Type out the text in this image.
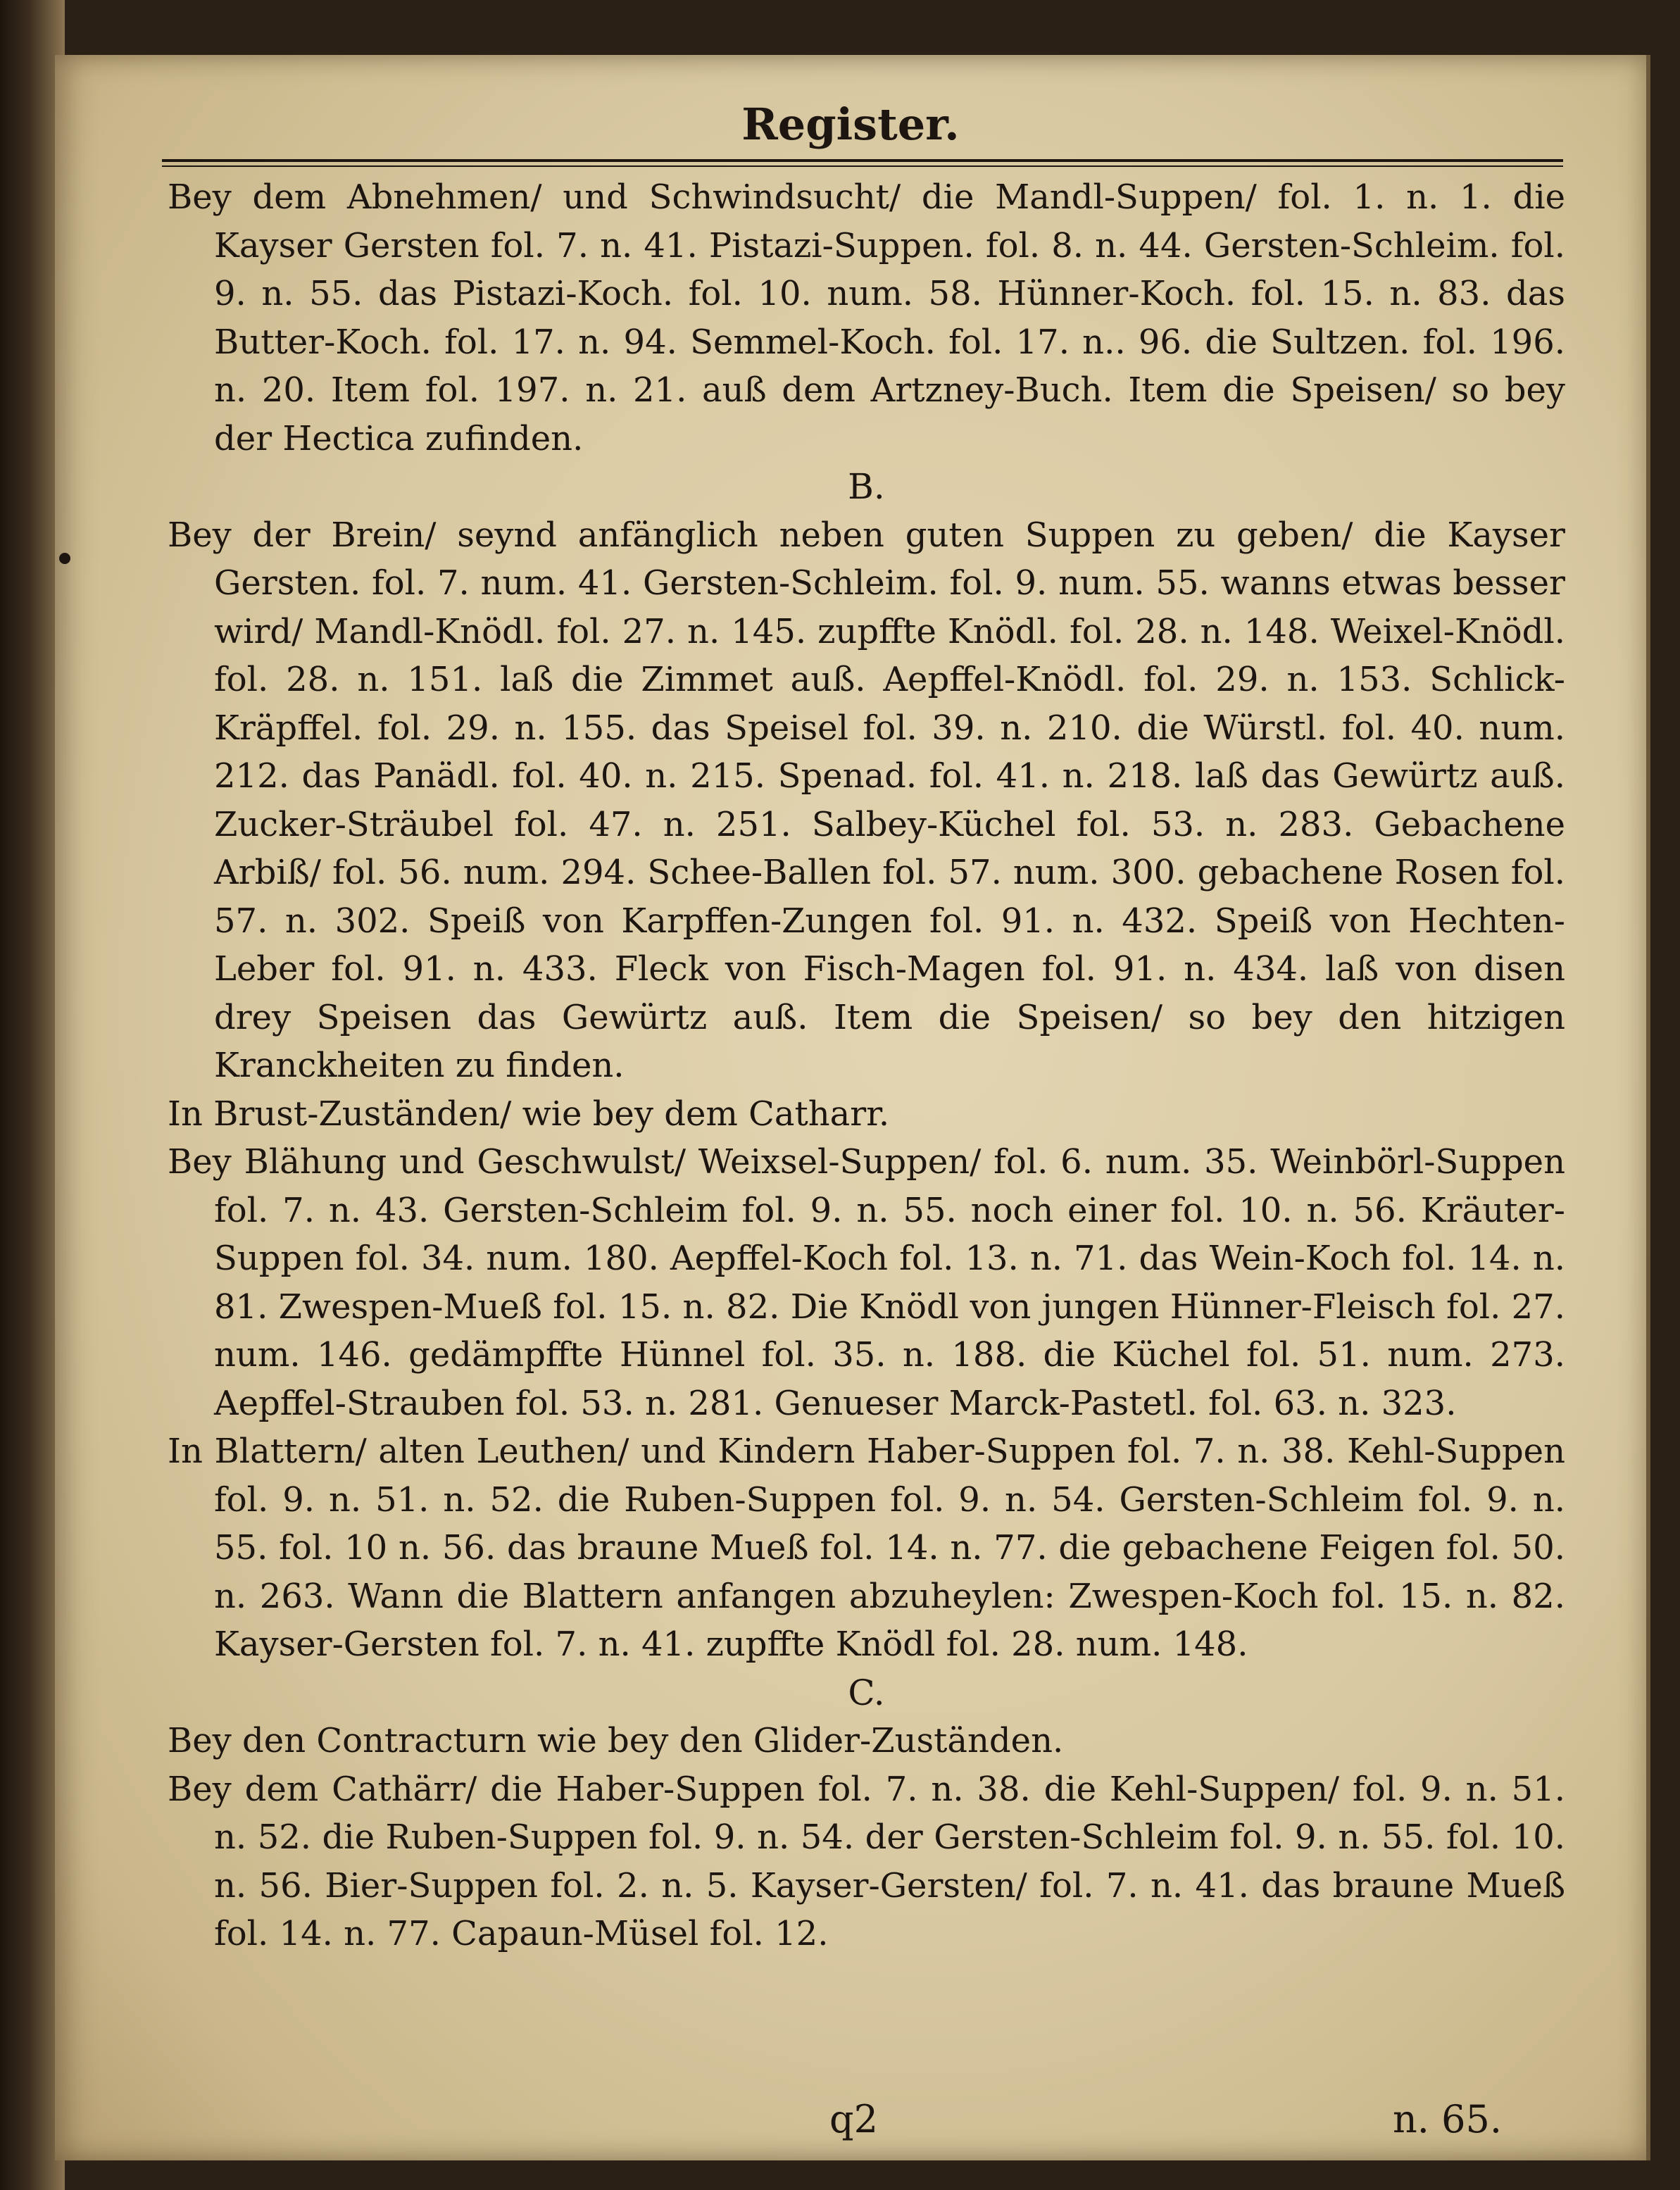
Register.

Bey dem Abnehmen/ und Schwindsucht/ die Mandl-Suppen/ fol. 1. n. 1. die Kayser Gersten fol. 7. n. 41. Pistazi-Suppen. fol. 8. n. 44. Gersten-Schleim. fol. 9. n. 55. das Pistazi-Koch. fol. 10. num. 58. Hünner-Koch. fol. 15. n. 83. das Butter-Koch. fol. 17. n. 94. Semmel-Koch. fol. 17. n.. 96. die Sultzen. fol. 196. n. 20. Item fol. 197. n. 21. auß dem Artzney-Buch. Item die Speisen/ so bey der Hectica zufinden.

B.

Bey der Brein/ seynd anfänglich neben guten Suppen zu geben/ die Kayser Gersten. fol. 7. num. 41. Gersten-Schleim. fol. 9. num. 55. wanns etwas besser wird/ Mandl-Knödl. fol. 27. n. 145. zupffte Knödl. fol. 28. n. 148. Weixel-Knödl. fol. 28. n. 151. laß die Zimmet auß. Aepffel-Knödl. fol. 29. n. 153. Schlick-Kräpffel. fol. 29. n. 155. das Speisel fol. 39. n. 210. die Würstl. fol. 40. num. 212. das Panädl. fol. 40. n. 215. Spenad. fol. 41. n. 218. laß das Gewürtz auß. Zucker-Sträubel fol. 47. n. 251. Salbey-Küchel fol. 53. n. 283. Gebachene Arbiß/ fol. 56. num. 294. Schee-Ballen fol. 57. num. 300. gebachene Rosen fol. 57. n. 302. Speiß von Karpffen-Zungen fol. 91. n. 432. Speiß von Hechten-Leber fol. 91. n. 433. Fleck von Fisch-Magen fol. 91. n. 434. laß von disen drey Speisen das Gewürtz auß. Item die Speisen/ so bey den hitzigen Kranckheiten zu finden.

In Brust-Zuständen/ wie bey dem Catharr.

Bey Blähung und Geschwulst/ Weixsel-Suppen/ fol. 6. num. 35. Weinbörl-Suppen fol. 7. n. 43. Gersten-Schleim fol. 9. n. 55. noch einer fol. 10. n. 56. Kräuter-Suppen fol. 34. num. 180. Aepffel-Koch fol. 13. n. 71. das Wein-Koch fol. 14. n. 81. Zwespen-Mueß fol. 15. n. 82. Die Knödl von jungen Hünner-Fleisch fol. 27. num. 146. gedämpffte Hünnel fol. 35. n. 188. die Küchel fol. 51. num. 273. Aepffel-Strauben fol. 53. n. 281. Genueser Marck-Pastetl. fol. 63. n. 323.

In Blattern/ alten Leuthen/ und Kindern Haber-Suppen fol. 7. n. 38. Kehl-Suppen fol. 9. n. 51. n. 52. die Ruben-Suppen fol. 9. n. 54. Gersten-Schleim fol. 9. n. 55. fol. 10 n. 56. das braune Mueß fol. 14. n. 77. die gebachene Feigen fol. 50. n. 263. Wann die Blattern anfangen abzuheylen: Zwespen-Koch fol. 15. n. 82. Kayser-Gersten fol. 7. n. 41. zupffte Knödl fol. 28. num. 148.

C.

Bey den Contracturn wie bey den Glider-Zuständen.

Bey dem Cathärr/ die Haber-Suppen fol. 7. n. 38. die Kehl-Suppen/ fol. 9. n. 51. n. 52. die Ruben-Suppen fol. 9. n. 54. der Gersten-Schleim fol. 9. n. 55. fol. 10. n. 56. Bier-Suppen fol. 2. n. 5. Kayser-Gersten/ fol. 7. n. 41. das braune Mueß fol. 14. n. 77. Capaun-Müsel fol. 12.

q2	n. 65.
